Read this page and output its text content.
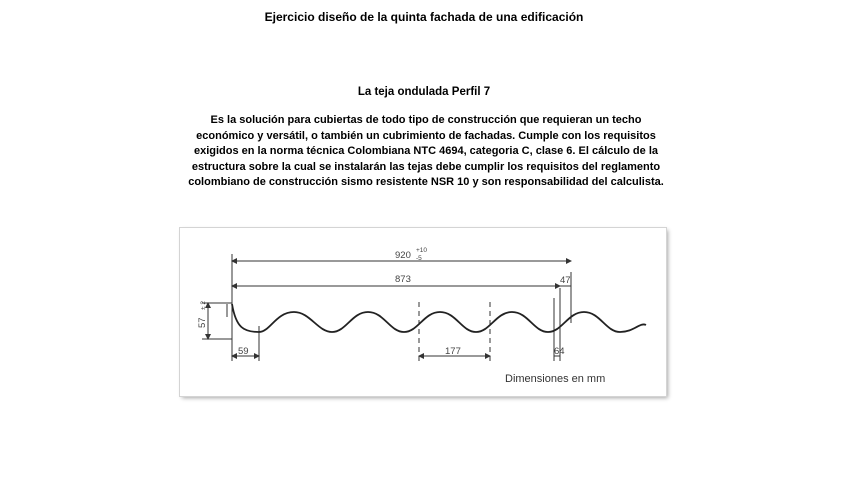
Ejercicio diseño de la quinta fachada de una edificación
La teja ondulada Perfil 7
Es la solución para cubiertas de todo tipo de construcción que requieran un techo económico y versátil, o también un cubrimiento de fachadas. Cumple con los requisitos exigidos en la norma técnica Colombiana NTC 4694, categoria C, clase 6. El cálculo de la estructura sobre la cual se instalarán las tejas debe cumplir los requisitos del reglamento colombiano de construcción sismo resistente NSR 10 y son responsabilidad del calculista.
920 +10
-5
873	47
59	177	64
57
± 2
Dimensiones en mm
